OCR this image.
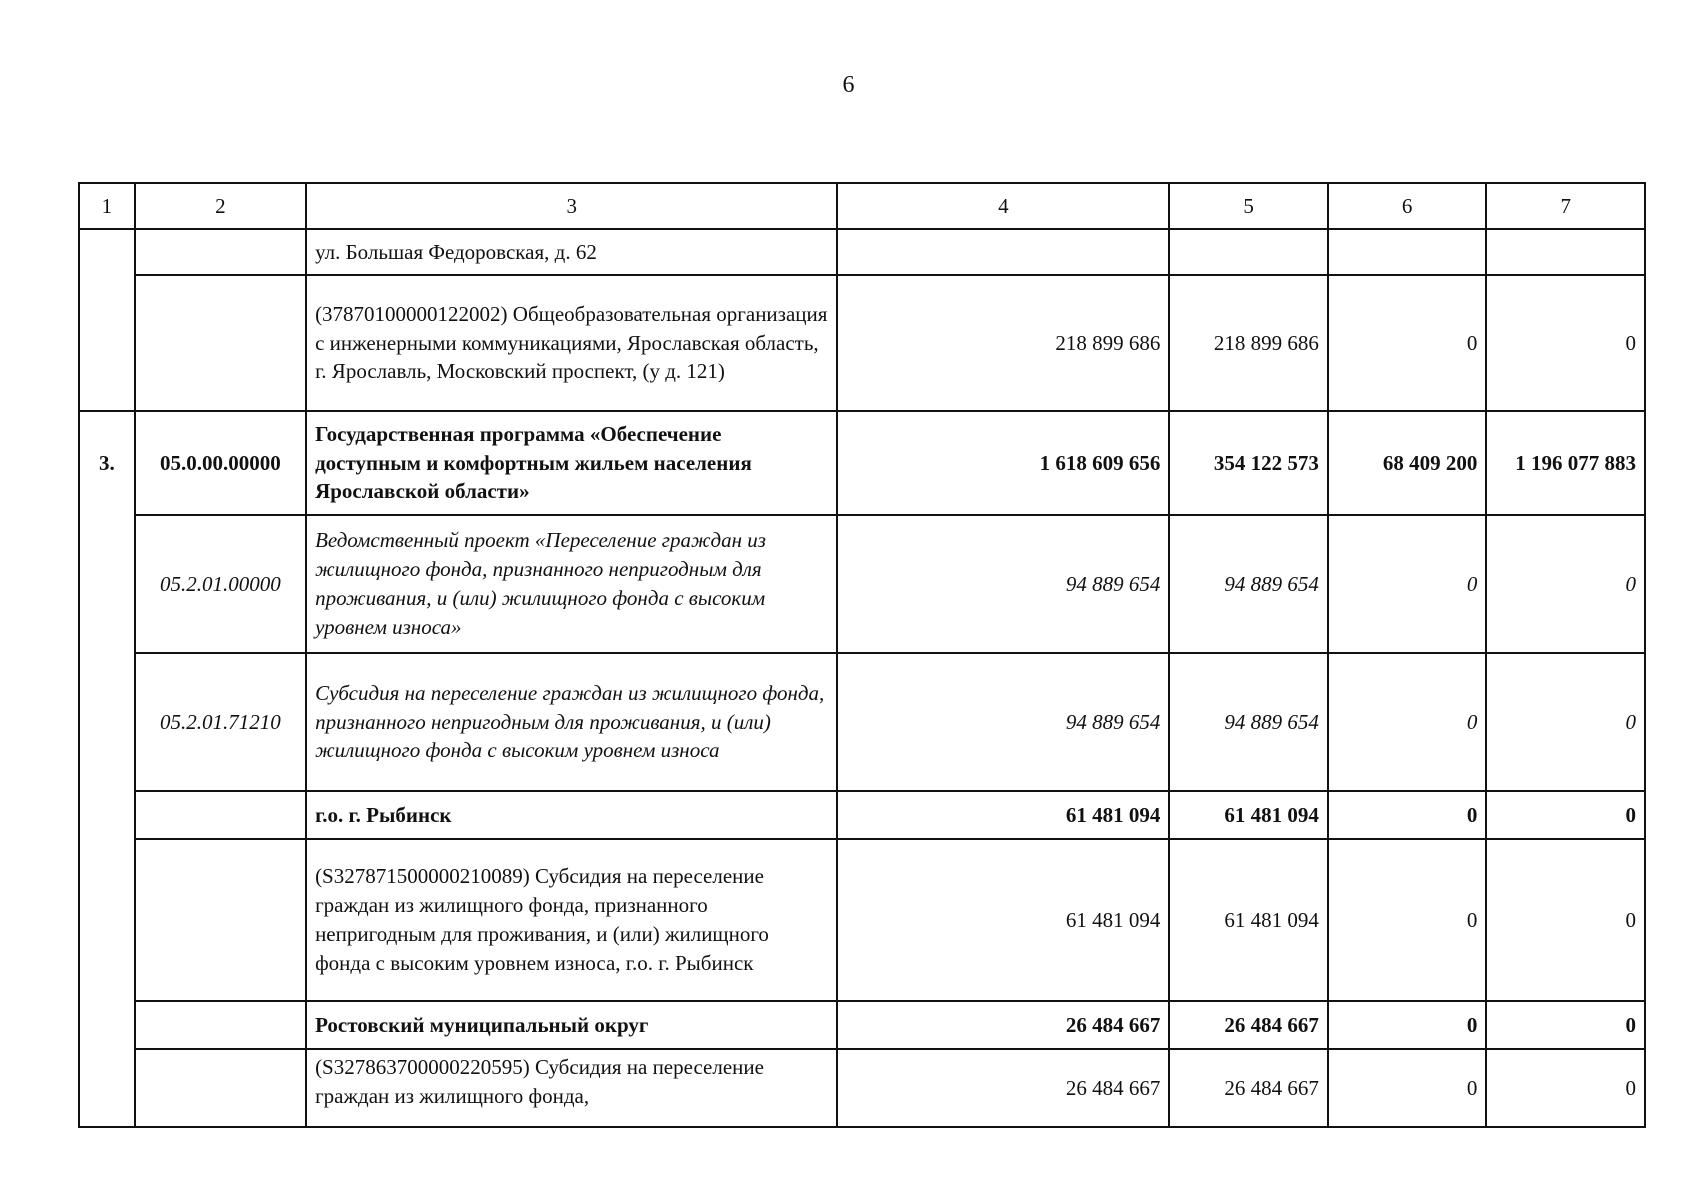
6
1	2	3	4	5	6	7
		ул. Большая Федоровская, д. 62				
		(37870100000122002) Общеобразовательная организация с инженерными коммуникациями, Ярославская область, г. Ярославль, Московский проспект, (у д. 121)	218 899 686	218 899 686	0	0
3.	05.0.00.00000	Государственная программа «Обеспечение доступным и комфортным жильем населения Ярославской области»	1 618 609 656	354 122 573	68 409 200	1 196 077 883
	05.2.01.00000	Ведомственный проект «Переселение граждан из жилищного фонда, признанного непригодным для проживания, и (или) жилищного фонда с высоким уровнем износа»	94 889 654	94 889 654	0	0
	05.2.01.71210	Субсидия на переселение граждан из жилищного фонда, признанного непригодным для проживания, и (или) жилищного фонда с высоким уровнем износа	94 889 654	94 889 654	0	0
		г.о. г. Рыбинск	61 481 094	61 481 094	0	0
		(S327871500000210089) Субсидия на переселение граждан из жилищного фонда, признанного непригодным для проживания, и (или) жилищного фонда с высоким уровнем износа, г.о. г. Рыбинск	61 481 094	61 481 094	0	0
		Ростовский муниципальный округ	26 484 667	26 484 667	0	0
		(S327863700000220595) Субсидия на переселение граждан из жилищного фонда,	26 484 667	26 484 667	0	0
